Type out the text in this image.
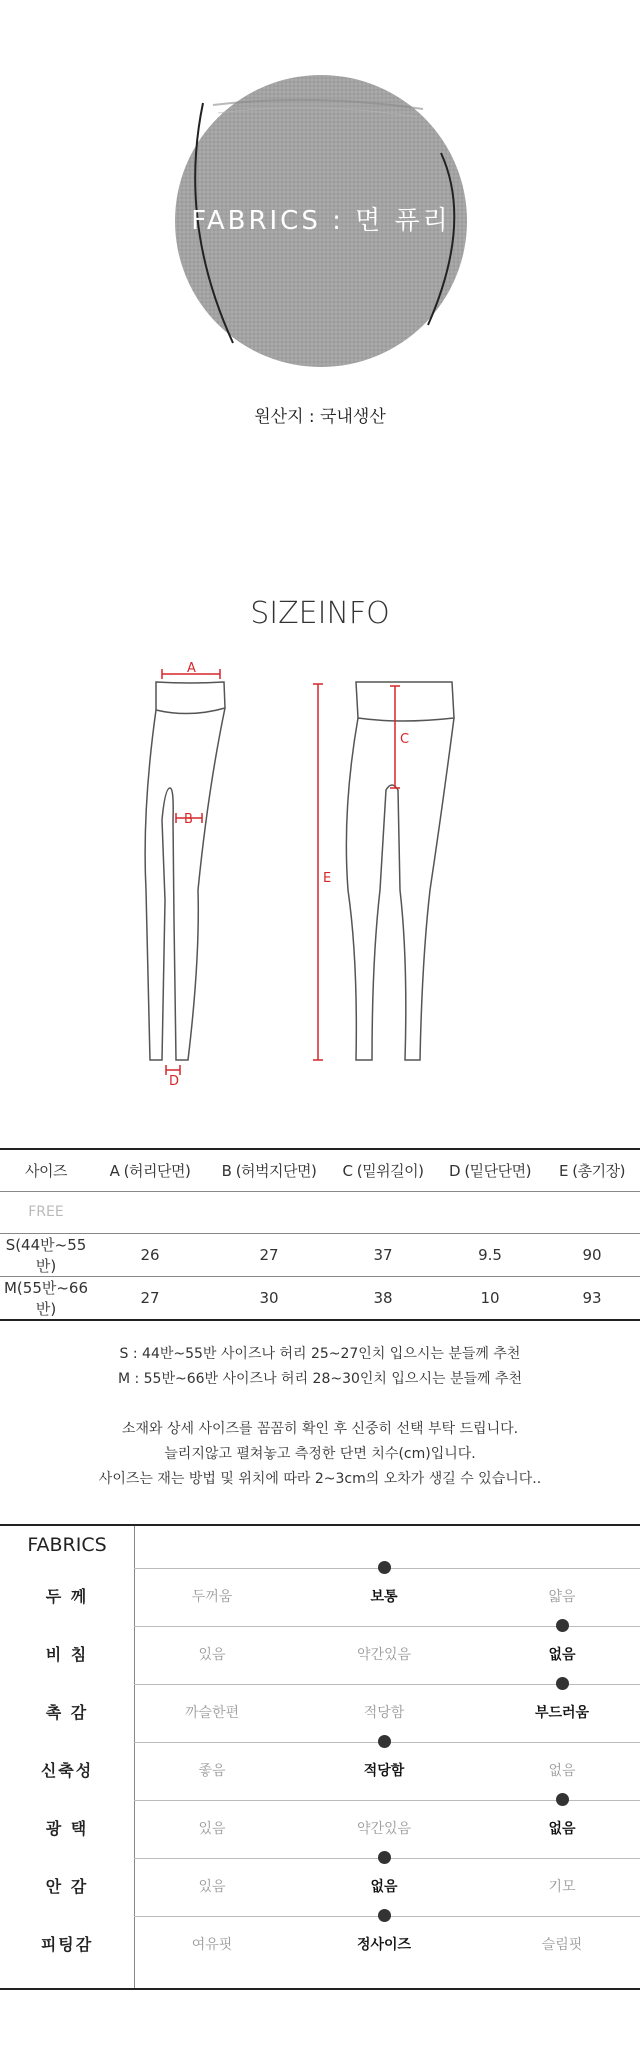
FABRICS : 면 퓨리
원산지 : 국내생산
SIZEINFO
A
B
D
C
E
사이즈	A (허리단면)	B (허벅지단면)	C (밑위길이)	D (밑단단면)	E (총기장)
FREE					
S(44반~55반)	26	27	37	9.5	90
M(55반~66반)	27	30	38	10	93

S : 44반~55반 사이즈나 허리 25~27인치 입으시는 분들께 추천

M : 55반~66반 사이즈나 허리 28~30인치 입으시는 분들께 추천

소재와 상세 사이즈를 꼼꼼히 확인 후 신중히 선택 부탁 드립니다.

늘리지않고 펼쳐놓고 측정한 단면 치수(cm)입니다.

사이즈는 재는 방법 및 위치에 따라 2~3cm의 오차가 생길 수 있습니다..

FABRICS
두 께	두꺼움	보통	얇음
비 침	있음	약간있음	없음
촉 감	까슬한편	적당함	부드러움
신축성	좋음	적당함	없음
광 택	있음	약간있음	없음
안 감	있음	없음	기모
피팅감	여유핏	정사이즈	슬림핏
